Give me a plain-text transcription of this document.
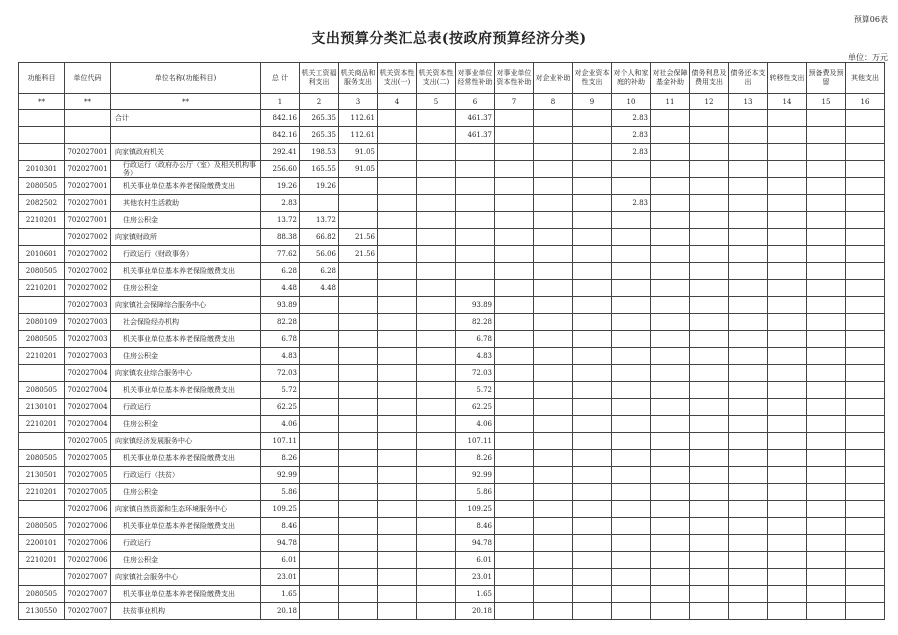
预算06表
支出预算分类汇总表(按政府预算经济分类)
单位：万元
功能科目	单位代码	单位名称(功能科目)	总 计	机关工资福利支出	机关商品和服务支出	机关资本性支出(一)	机关资本性支出(二)	对事业单位经常性补助	对事业单位资本性补助	对企业补助	对企业资本性支出	对个人和家庭的补助	对社会保障基金补助	债务利息及费用支出	债务还本支出	转移性支出	预备费及预留	其他支出
**	**	**	1	2	3	4	5	6	7	8	9	10	11	12	13	14	15	16
		合计	842.16	265.35	112.61			461.37				2.83						
			842.16	265.35	112.61			461.37				2.83						
	702027001	向家镇政府机关	292.41	198.53	91.05							2.83						
2010301	702027001	行政运行（政府办公厅（室）及相关机构事务）	256.60	165.55	91.05													
2080505	702027001	机关事业单位基本养老保险缴费支出	19.26	19.26														
2082502	702027001	其他农村生活救助	2.83									2.83						
2210201	702027001	住房公积金	13.72	13.72														
	702027002	向家镇财政所	88.38	66.82	21.56													
2010601	702027002	行政运行（财政事务）	77.62	56.06	21.56													
2080505	702027002	机关事业单位基本养老保险缴费支出	6.28	6.28														
2210201	702027002	住房公积金	4.48	4.48														
	702027003	向家镇社会保障综合服务中心	93.89					93.89										
2080109	702027003	社会保险经办机构	82.28					82.28										
2080505	702027003	机关事业单位基本养老保险缴费支出	6.78					6.78										
2210201	702027003	住房公积金	4.83					4.83										
	702027004	向家镇农业综合服务中心	72.03					72.03										
2080505	702027004	机关事业单位基本养老保险缴费支出	5.72					5.72										
2130101	702027004	行政运行	62.25					62.25										
2210201	702027004	住房公积金	4.06					4.06										
	702027005	向家镇经济发展服务中心	107.11					107.11										
2080505	702027005	机关事业单位基本养老保险缴费支出	8.26					8.26										
2130501	702027005	行政运行（扶贫）	92.99					92.99										
2210201	702027005	住房公积金	5.86					5.86										
	702027006	向家镇自然资源和生态环境服务中心	109.25					109.25										
2080505	702027006	机关事业单位基本养老保险缴费支出	8.46					8.46										
2200101	702027006	行政运行	94.78					94.78										
2210201	702027006	住房公积金	6.01					6.01										
	702027007	向家镇社会服务中心	23.01					23.01										
2080505	702027007	机关事业单位基本养老保险缴费支出	1.65					1.65										
2130550	702027007	扶贫事业机构	20.18					20.18										
